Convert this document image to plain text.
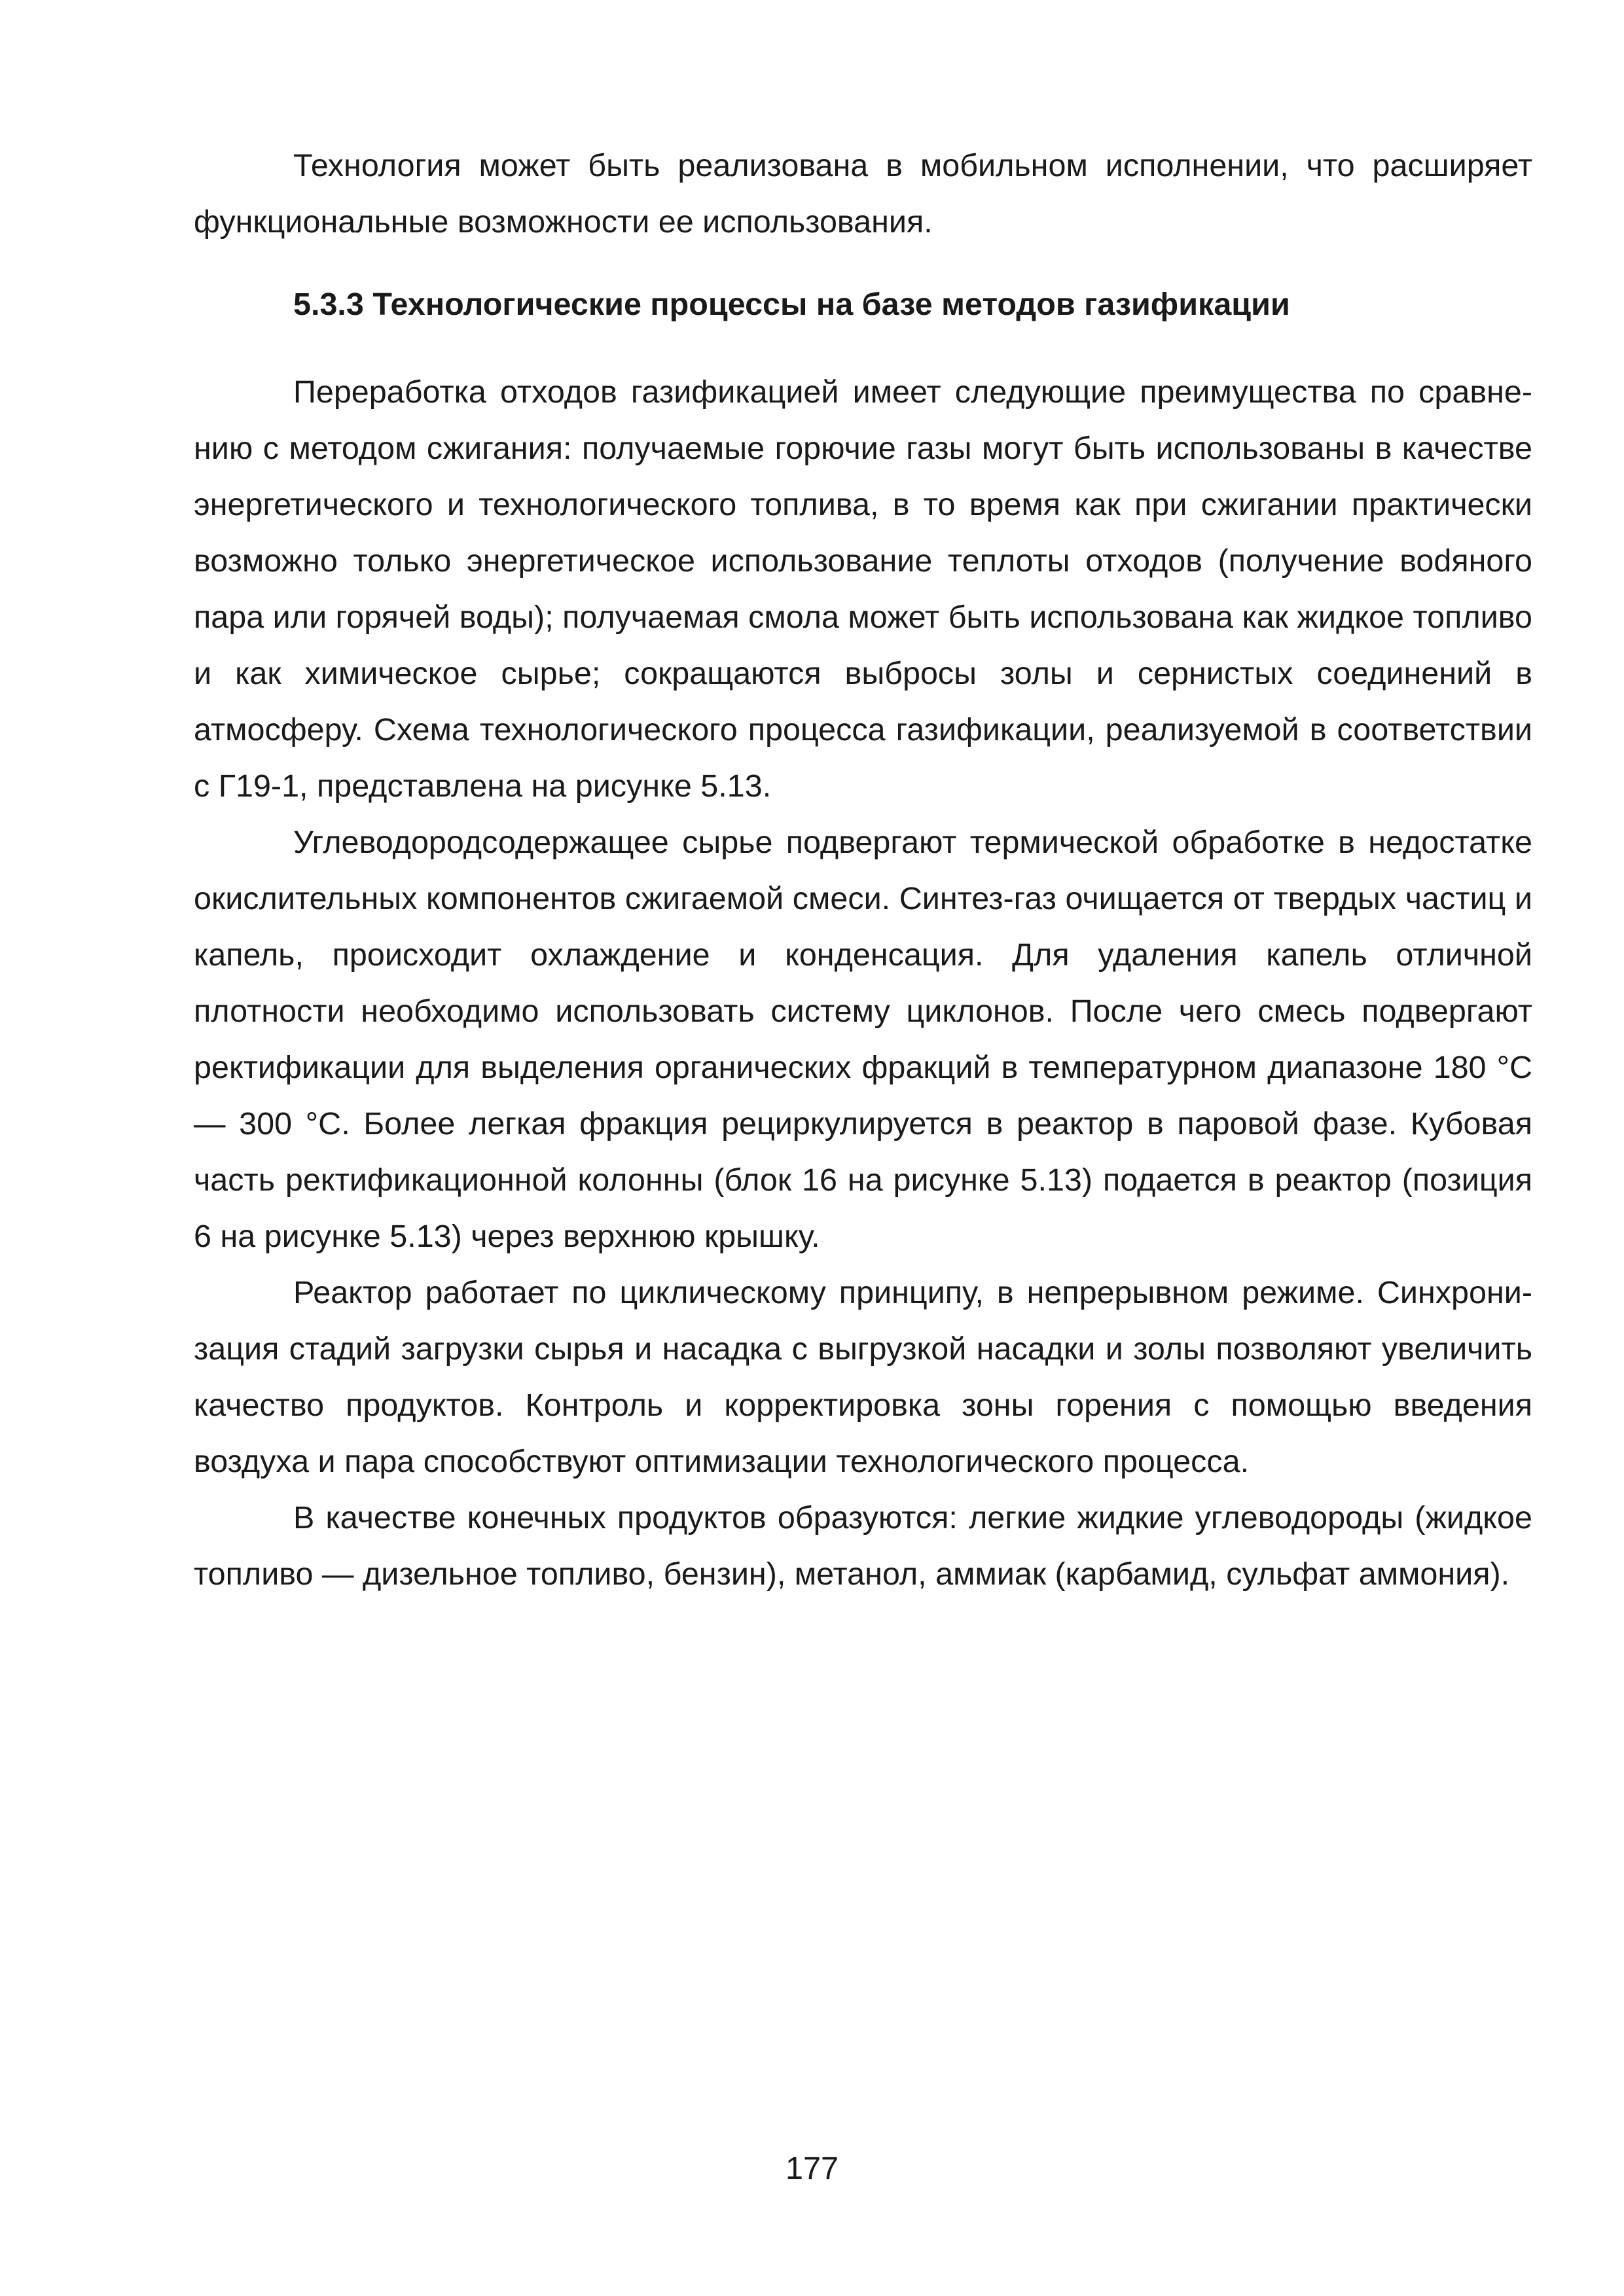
Технология может быть реализована в мобильном исполнении, что расширяет функциональные возможности ее использования.

5.3.3 Технологические процессы на базе методов газификации

Переработка отходов газификацией имеет следующие преимущества по сравнению с методом сжигания: получаемые горючие газы могут быть использованы в качестве энергетического и технологического топлива, в то время как при сжигании практически возможно только энергетическое использование теплоты отходов (получение воdяного пара или горячей воды); получаемая смола может быть использована как жидкое топливо и как химическое сырье; сокращаются выбросы золы и сернистых соединений в атмосферу. Схема технологического процесса газификации, реализуемой в соответствии с Г19-1, представлена на рисунке 5.13.

Углеводородсодержащее сырье подвергают термической обработке в недостатке окислительных компонентов сжигаемой смеси. Синтез-газ очищается от твердых частиц и капель, происходит охлаждение и конденсация. Для удаления капель отличной плотности необходимо использовать систему циклонов. После чего смесь подвергают ректификации для выделения органических фракций в температурном диапазоне 180 °С — 300 °С. Более легкая фракция рециркулируется в реактор в паровой фазе. Кубовая часть ректификационной колонны (блок 16 на рисунке 5.13) подается в реактор (позиция 6 на рисунке 5.13) через верхнюю крышку.

Реактор работает по циклическому принципу, в непрерывном режиме. Синхронизация стадий загрузки сырья и насадка с выгрузкой насадки и золы позволяют увеличить качество продуктов. Контроль и корректировка зоны горения с помощью введения воздуха и пара способствуют оптимизации технологического процесса.

В качестве конечных продуктов образуются: легкие жидкие углеводороды (жидкое топливо — дизельное топливо, бензин), метанол, аммиак (карбамид, сульфат аммония).

177
